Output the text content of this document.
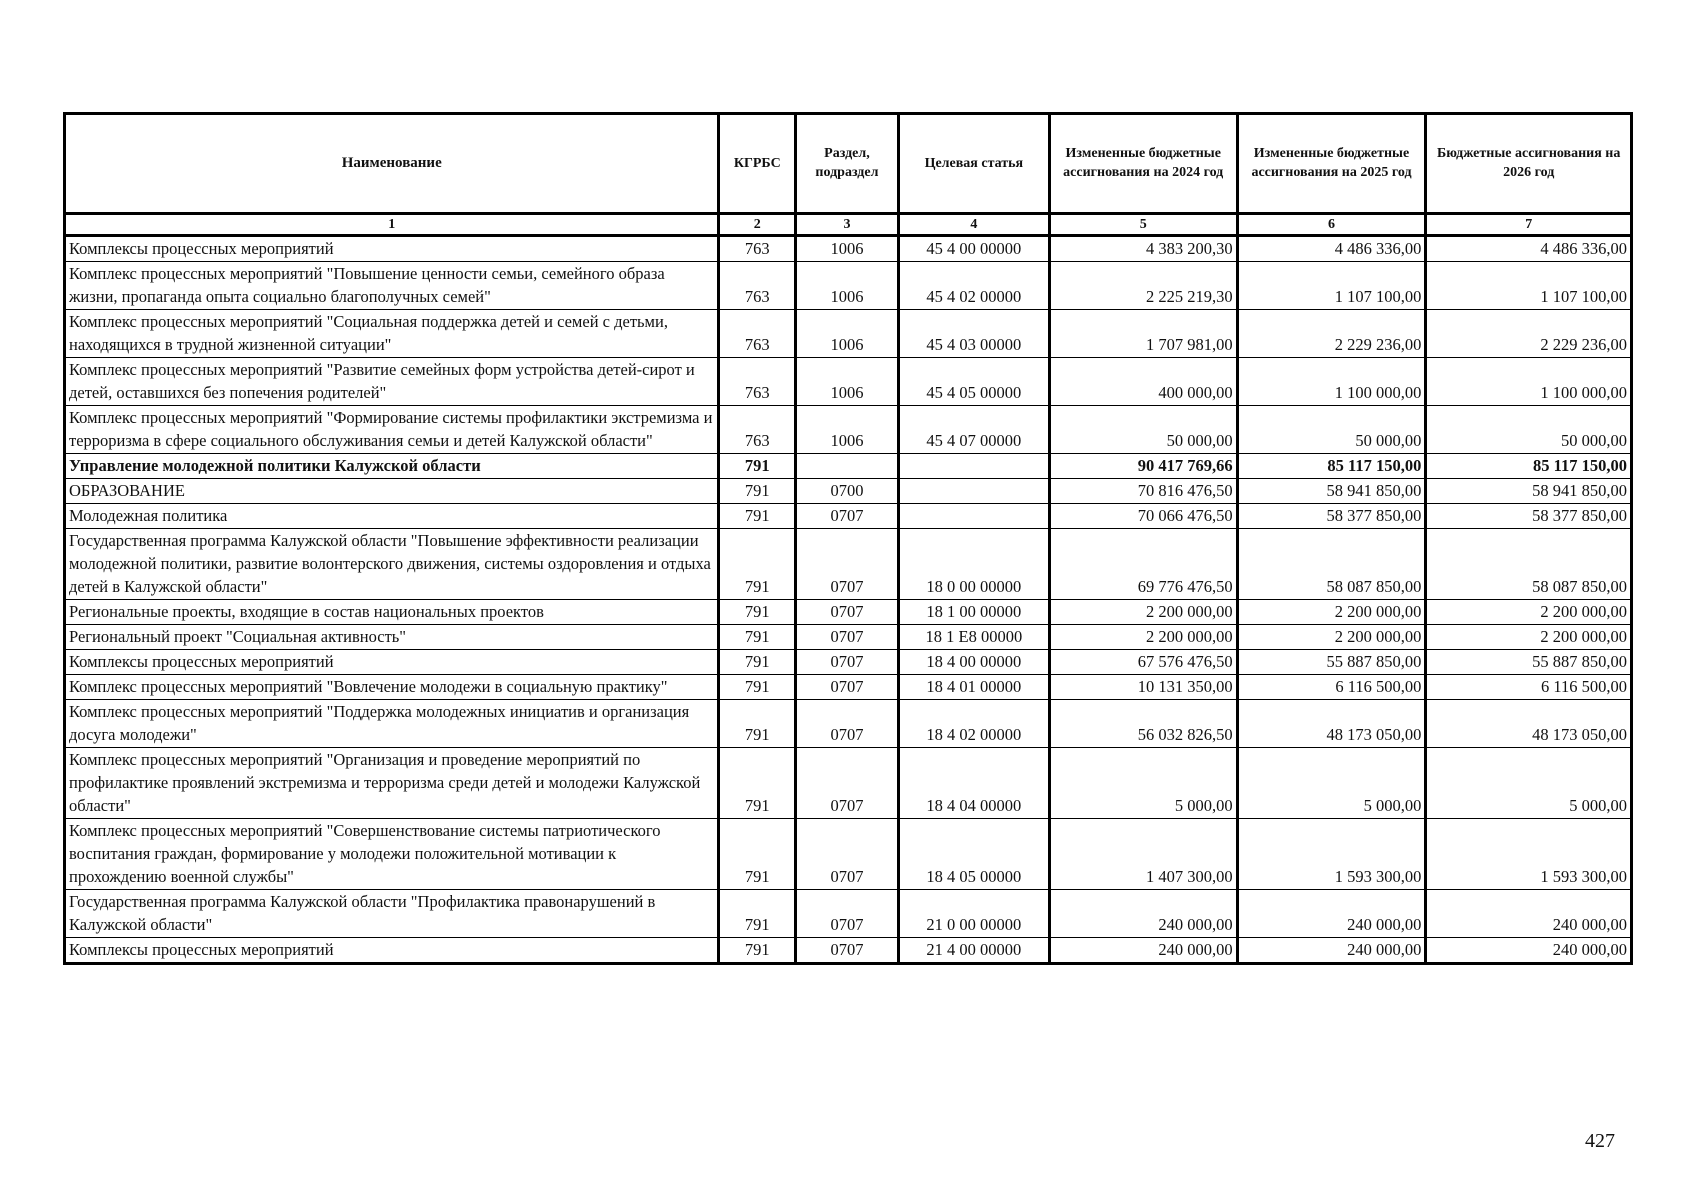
Наименование	КГРБС	Раздел, подраздел	Целевая статья	Измененные бюджетные ассигнования на 2024 год	Измененные бюджетные ассигнования на 2025 год	Бюджетные ассигнования на 2026 год
1	2	3	4	5	6	7
Комплексы процессных мероприятий	763	1006	45 4 00 00000	4 383 200,30	4 486 336,00	4 486 336,00
Комплекс процессных мероприятий "Повышение ценности семьи, семейного образа жизни, пропаганда опыта социально благополучных семей"	763	1006	45 4 02 00000	2 225 219,30	1 107 100,00	1 107 100,00
Комплекс процессных мероприятий "Социальная поддержка детей и семей с детьми, находящихся в трудной жизненной ситуации"	763	1006	45 4 03 00000	1 707 981,00	2 229 236,00	2 229 236,00
Комплекс процессных мероприятий "Развитие семейных форм устройства детей-сирот и детей, оставшихся без попечения родителей"	763	1006	45 4 05 00000	400 000,00	1 100 000,00	1 100 000,00
Комплекс процессных мероприятий "Формирование системы профилактики экстремизма и терроризма в сфере социального обслуживания семьи и детей Калужской области"	763	1006	45 4 07 00000	50 000,00	50 000,00	50 000,00
Управление молодежной политики Калужской области	791			90 417 769,66	85 117 150,00	85 117 150,00
ОБРАЗОВАНИЕ	791	0700		70 816 476,50	58 941 850,00	58 941 850,00
Молодежная политика	791	0707		70 066 476,50	58 377 850,00	58 377 850,00
Государственная программа Калужской области "Повышение эффективности реализации молодежной политики, развитие волонтерского движения, системы оздоровления и отдыха детей в Калужской области"	791	0707	18 0 00 00000	69 776 476,50	58 087 850,00	58 087 850,00
Региональные проекты, входящие в состав национальных проектов	791	0707	18 1 00 00000	2 200 000,00	2 200 000,00	2 200 000,00
Региональный проект "Социальная активность"	791	0707	18 1 E8 00000	2 200 000,00	2 200 000,00	2 200 000,00
Комплексы процессных мероприятий	791	0707	18 4 00 00000	67 576 476,50	55 887 850,00	55 887 850,00
Комплекс процессных мероприятий "Вовлечение молодежи в социальную практику"	791	0707	18 4 01 00000	10 131 350,00	6 116 500,00	6 116 500,00
Комплекс процессных мероприятий "Поддержка молодежных инициатив и организация досуга молодежи"	791	0707	18 4 02 00000	56 032 826,50	48 173 050,00	48 173 050,00
Комплекс процессных мероприятий "Организация и проведение мероприятий по профилактике проявлений экстремизма и терроризма среди детей и молодежи Калужской области"	791	0707	18 4 04 00000	5 000,00	5 000,00	5 000,00
Комплекс процессных мероприятий "Совершенствование системы патриотического воспитания граждан, формирование у молодежи положительной мотивации к прохождению военной службы"	791	0707	18 4 05 00000	1 407 300,00	1 593 300,00	1 593 300,00
Государственная программа Калужской области "Профилактика правонарушений в Калужской области"	791	0707	21 0 00 00000	240 000,00	240 000,00	240 000,00
Комплексы процессных мероприятий	791	0707	21 4 00 00000	240 000,00	240 000,00	240 000,00
427
